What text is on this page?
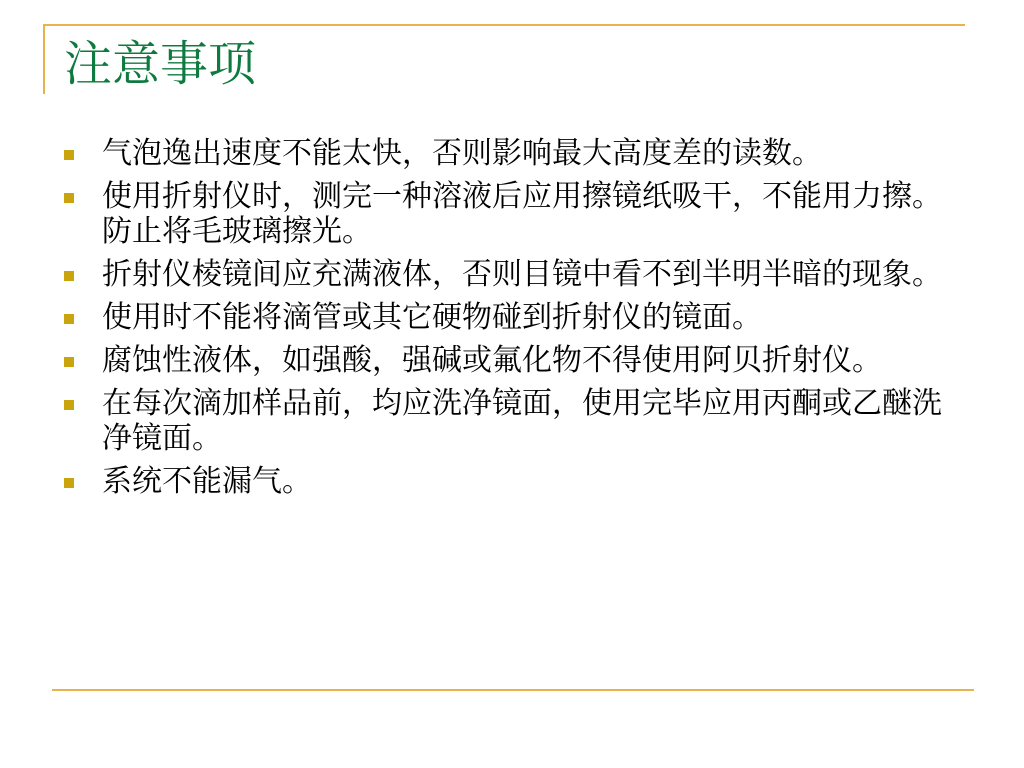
注意事项
气泡逸出速度不能太快，否则影响最大高度差的读数。
使用折射仪时，测完一种溶液后应用擦镜纸吸干，不能用力擦。防止将毛玻璃擦光。
折射仪棱镜间应充满液体，否则目镜中看不到半明半暗的现象。
使用时不能将滴管或其它硬物碰到折射仪的镜面。
腐蚀性液体，如强酸，强碱或氟化物不得使用阿贝折射仪。
在每次滴加样品前，均应洗净镜面，使用完毕应用丙酮或乙醚洗净镜面。
系统不能漏气。
